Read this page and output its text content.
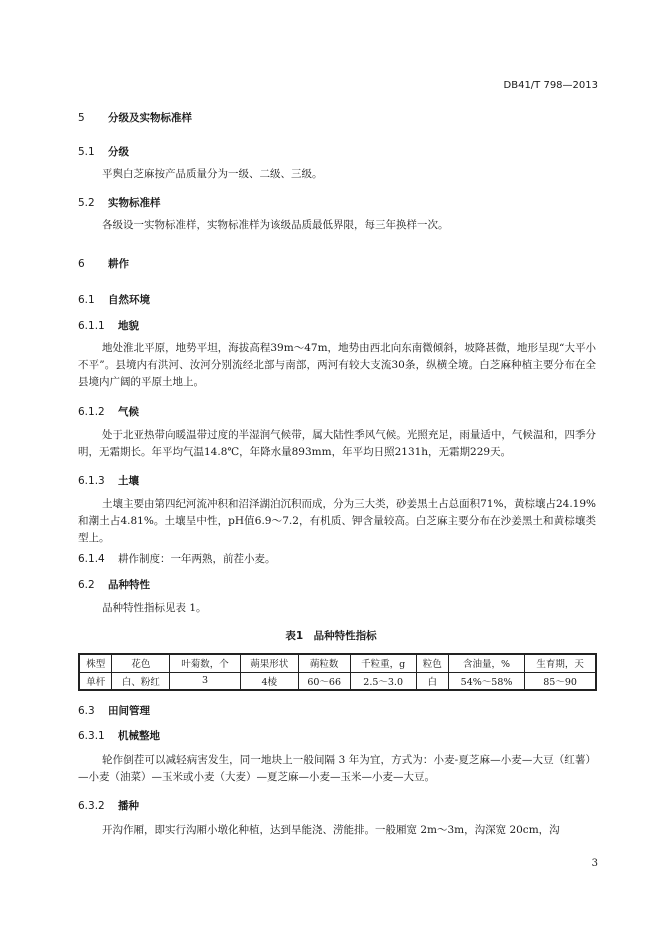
DB41/T 798—2013
5 分级及实物标准样
5.1 分级
平舆白芝麻按产品质量分为一级、二级、三级。
5.2 实物标准样
各级设一实物标准样，实物标准样为该级品质最低界限，每三年换样一次。
6 耕作
6.1 自然环境
6.1.1 地貌
地处淮北平原，地势平坦，海拔高程39m～47m，地势由西北向东南微倾斜，坡降甚微，地形呈现“大平小不平”。县境内有洪河、汝河分别流经北部与南部，两河有较大支流30条，纵横全境。白芝麻种植主要分布在全县境内广阔的平原土地上。
6.1.2 气候
处于北亚热带向暖温带过度的半湿润气候带，属大陆性季风气候。光照充足，雨量适中，气候温和，四季分明，无霜期长。年平均气温14.8℃，年降水量893mm，年平均日照2131h，无霜期229天。
6.1.3 土壤
土壤主要由第四纪河流冲积和沼泽湖泊沉积而成，分为三大类，砂姜黑土占总面积71%，黄棕壤占24.19%和潮土占4.81%。土壤呈中性，pH值6.9～7.2，有机质、钾含量较高。白芝麻主要分布在沙姜黑土和黄棕壤类型上。
6.1.4 耕作制度：一年两熟，前茬小麦。
6.2 品种特性
品种特性指标见表 1。
表1　品种特性指标
株型	花色	叶菊数，个	蒴果形状	蒴粒数	千粒重，g	粒色	含油量，%	生育期，天
单杆	白、粉红	3	4棱	60～66	2.5～3.0	白	54%～58%	85～90
6.3 田间管理
6.3.1 机械整地
轮作倒茬可以减轻病害发生，同一地块上一般间隔 3 年为宜，方式为：小麦-夏芝麻—小麦—大豆（红薯）—小麦（油菜）—玉米或小麦（大麦）—夏芝麻—小麦—玉米—小麦—大豆。
6.3.2 播种
开沟作厢，即实行沟厢小墩化种植，达到旱能浇、涝能排。一般厢宽 2m～3m，沟深宽 20cm，沟
3
